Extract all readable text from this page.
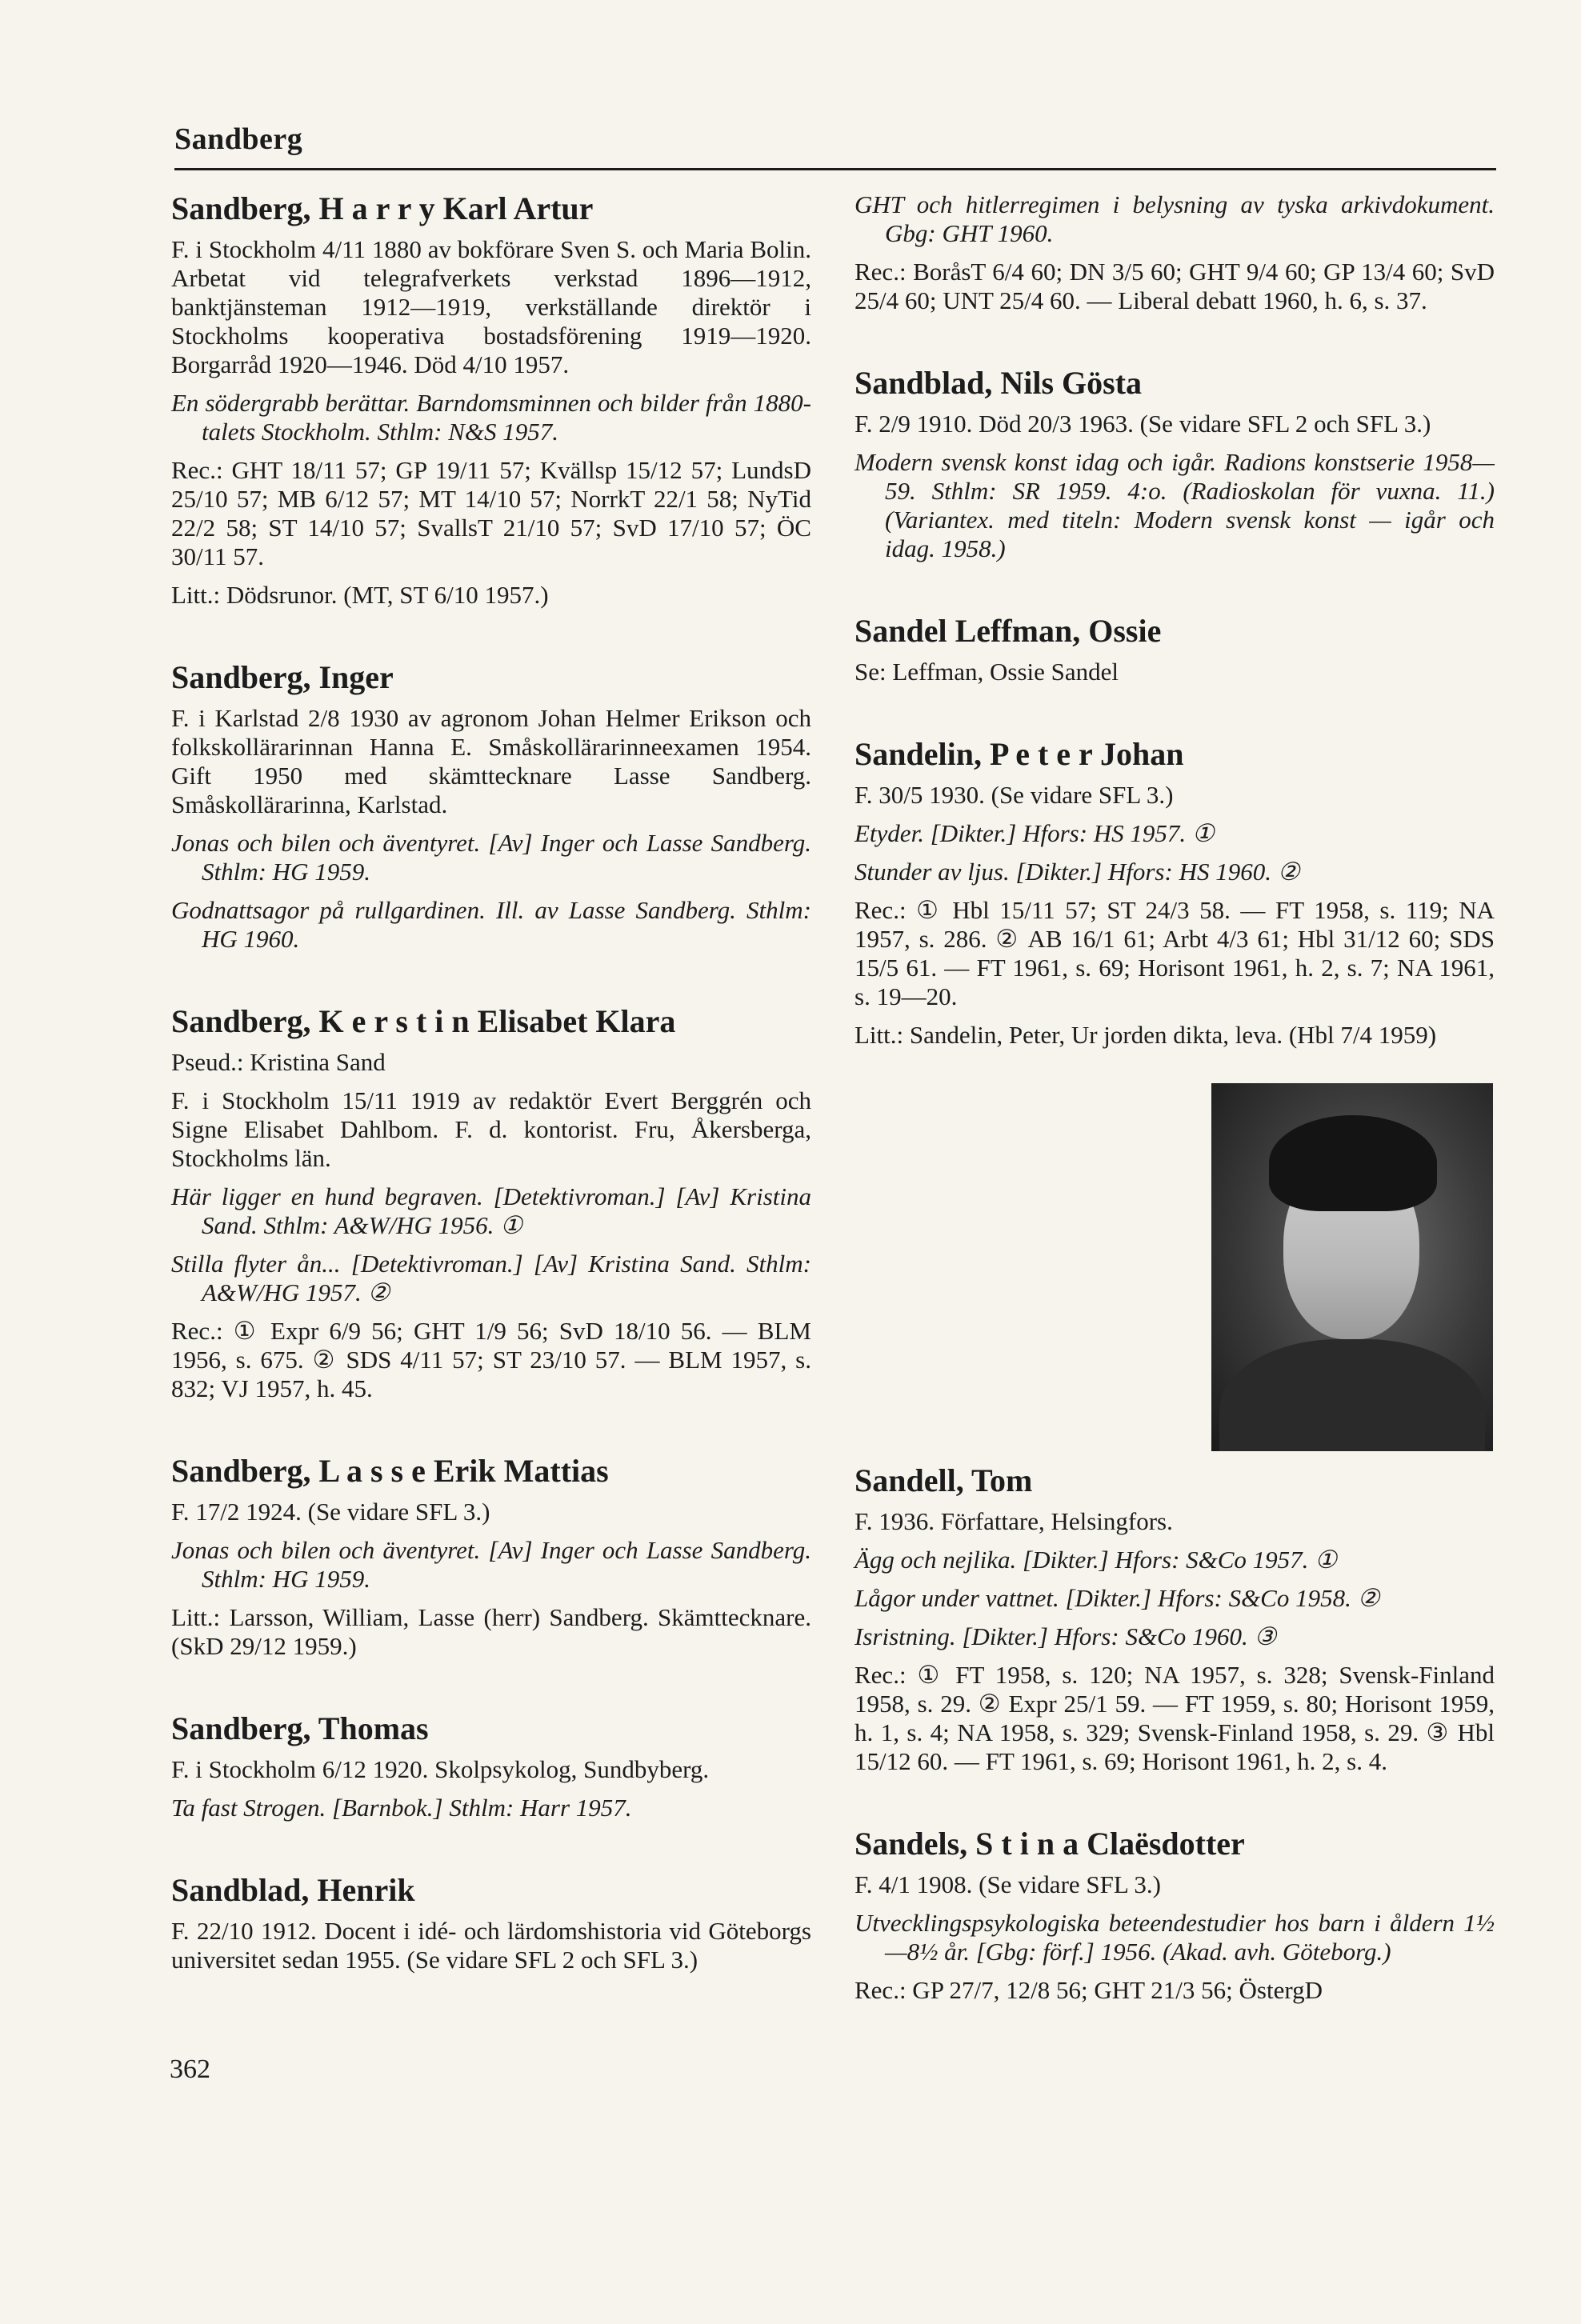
Sandberg
Sandberg, H a r r y Karl Artur

F. i Stockholm 4/11 1880 av bokförare Sven S. och Maria Bolin. Arbetat vid telegrafverkets verkstad 1896—1912, banktjänsteman 1912—1919, verkställande direktör i Stockholms kooperativa bostadsförening 1919—1920. Borgarråd 1920—1946. Död 4/10 1957.

En södergrabb berättar. Barndomsminnen och bilder från 1880-talets Stockholm. Sthlm: N&S 1957.

Rec.: GHT 18/11 57; GP 19/11 57; Kvällsp 15/12 57; LundsD 25/10 57; MB 6/12 57; MT 14/10 57; NorrkT 22/1 58; NyTid 22/2 58; ST 14/10 57; SvallsT 21/10 57; SvD 17/10 57; ÖC 30/11 57.

Litt.: Dödsrunor. (MT, ST 6/10 1957.)

Sandberg, Inger

F. i Karlstad 2/8 1930 av agronom Johan Helmer Erikson och folkskollärarinnan Hanna E. Småskollärarinneexamen 1954. Gift 1950 med skämttecknare Lasse Sandberg. Småskollärarinna, Karlstad.

Jonas och bilen och äventyret. [Av] Inger och Lasse Sandberg. Sthlm: HG 1959.

Godnattsagor på rullgardinen. Ill. av Lasse Sandberg. Sthlm: HG 1960.

Sandberg, K e r s t i n Elisabet Klara

Pseud.: Kristina Sand

F. i Stockholm 15/11 1919 av redaktör Evert Berggrén och Signe Elisabet Dahlbom. F. d. kontorist. Fru, Åkersberga, Stockholms län.

Här ligger en hund begraven. [Detektivroman.] [Av] Kristina Sand. Sthlm: A&W/HG 1956. ①

Stilla flyter ån... [Detektivroman.] [Av] Kristina Sand. Sthlm: A&W/HG 1957. ②

Rec.: ① Expr 6/9 56; GHT 1/9 56; SvD 18/10 56. — BLM 1956, s. 675. ② SDS 4/11 57; ST 23/10 57. — BLM 1957, s. 832; VJ 1957, h. 45.

Sandberg, L a s s e Erik Mattias

F. 17/2 1924. (Se vidare SFL 3.)

Jonas och bilen och äventyret. [Av] Inger och Lasse Sandberg. Sthlm: HG 1959.

Litt.: Larsson, William, Lasse (herr) Sandberg. Skämttecknare. (SkD 29/12 1959.)

Sandberg, Thomas

F. i Stockholm 6/12 1920. Skolpsykolog, Sundbyberg.

Ta fast Strogen. [Barnbok.] Sthlm: Harr 1957.

Sandblad, Henrik

F. 22/10 1912. Docent i idé- och lärdomshistoria vid Göteborgs universitet sedan 1955. (Se vidare SFL 2 och SFL 3.)

GHT och hitlerregimen i belysning av tyska arkivdokument. Gbg: GHT 1960.

Rec.: BoråsT 6/4 60; DN 3/5 60; GHT 9/4 60; GP 13/4 60; SvD 25/4 60; UNT 25/4 60. — Liberal debatt 1960, h. 6, s. 37.

Sandblad, Nils Gösta

F. 2/9 1910. Död 20/3 1963. (Se vidare SFL 2 och SFL 3.)

Modern svensk konst idag och igår. Radions konstserie 1958—59. Sthlm: SR 1959. 4:o. (Radioskolan för vuxna. 11.) (Variantex. med titeln: Modern svensk konst — igår och idag. 1958.)

Sandel Leffman, Ossie

Se: Leffman, Ossie Sandel

Sandelin, P e t e r Johan

F. 30/5 1930. (Se vidare SFL 3.)

Etyder. [Dikter.] Hfors: HS 1957. ①

Stunder av ljus. [Dikter.] Hfors: HS 1960. ②

Rec.: ① Hbl 15/11 57; ST 24/3 58. — FT 1958, s. 119; NA 1957, s. 286. ② AB 16/1 61; Arbt 4/3 61; Hbl 31/12 60; SDS 15/5 61. — FT 1961, s. 69; Horisont 1961, h. 2, s. 7; NA 1961, s. 19—20.

Litt.: Sandelin, Peter, Ur jorden dikta, leva. (Hbl 7/4 1959)

Sandell, Tom

F. 1936. Författare, Helsingfors.

Ägg och nejlika. [Dikter.] Hfors: S&Co 1957. ①

Lågor under vattnet. [Dikter.] Hfors: S&Co 1958. ②

Isristning. [Dikter.] Hfors: S&Co 1960. ③

Rec.: ① FT 1958, s. 120; NA 1957, s. 328; Svensk-Finland 1958, s. 29. ② Expr 25/1 59. — FT 1959, s. 80; Horisont 1959, h. 1, s. 4; NA 1958, s. 329; Svensk-Finland 1958, s. 29. ③ Hbl 15/12 60. — FT 1961, s. 69; Horisont 1961, h. 2, s. 4.

Sandels, S t i n a Claësdotter

F. 4/1 1908. (Se vidare SFL 3.)

Utvecklingspsykologiska beteendestudier hos barn i åldern 1½—8½ år. [Gbg: förf.] 1956. (Akad. avh. Göteborg.)

Rec.: GP 27/7, 12/8 56; GHT 21/3 56; ÖstergD

362
